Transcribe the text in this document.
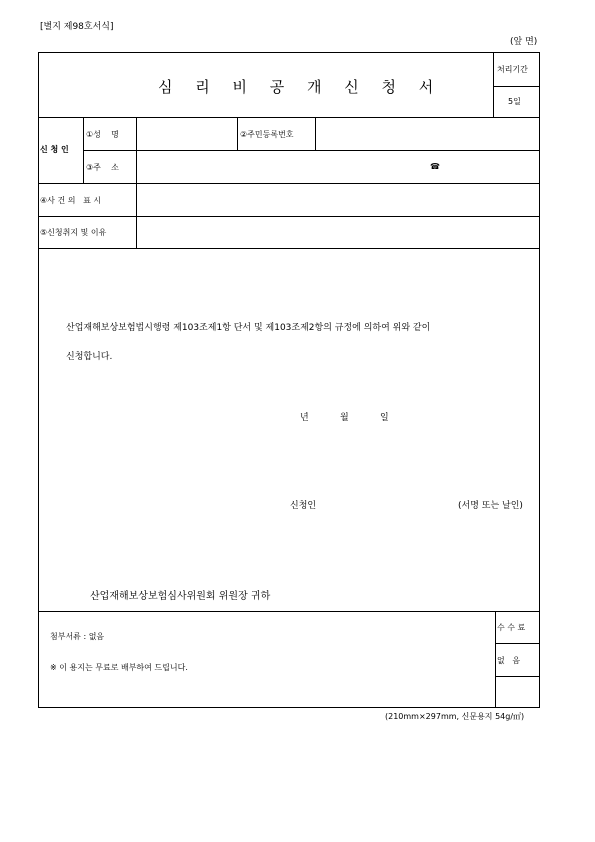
[별지 제98호서식]
(앞 면)
심 리 비 공 개 신 청 서
처리기간
5일
신 청 인
①성    명	②주민등록번호
③주    소	☎
④사 건 의   표 시
⑤신청취지 및 이유
산업재해보상보험법시행령 제103조제1항 단서 및 제103조제2항의 규정에 의하여 위와 같이
신청합니다.
년	월	일
신청인	(서명 또는 날인)
산업재해보상보험심사위원회 위원장 귀하
첨부서류 : 없음
※ 이 용지는 무료로 배부하여 드립니다.
수 수 료
없   음
(210mm×297mm, 신문용지 54g/㎡)
